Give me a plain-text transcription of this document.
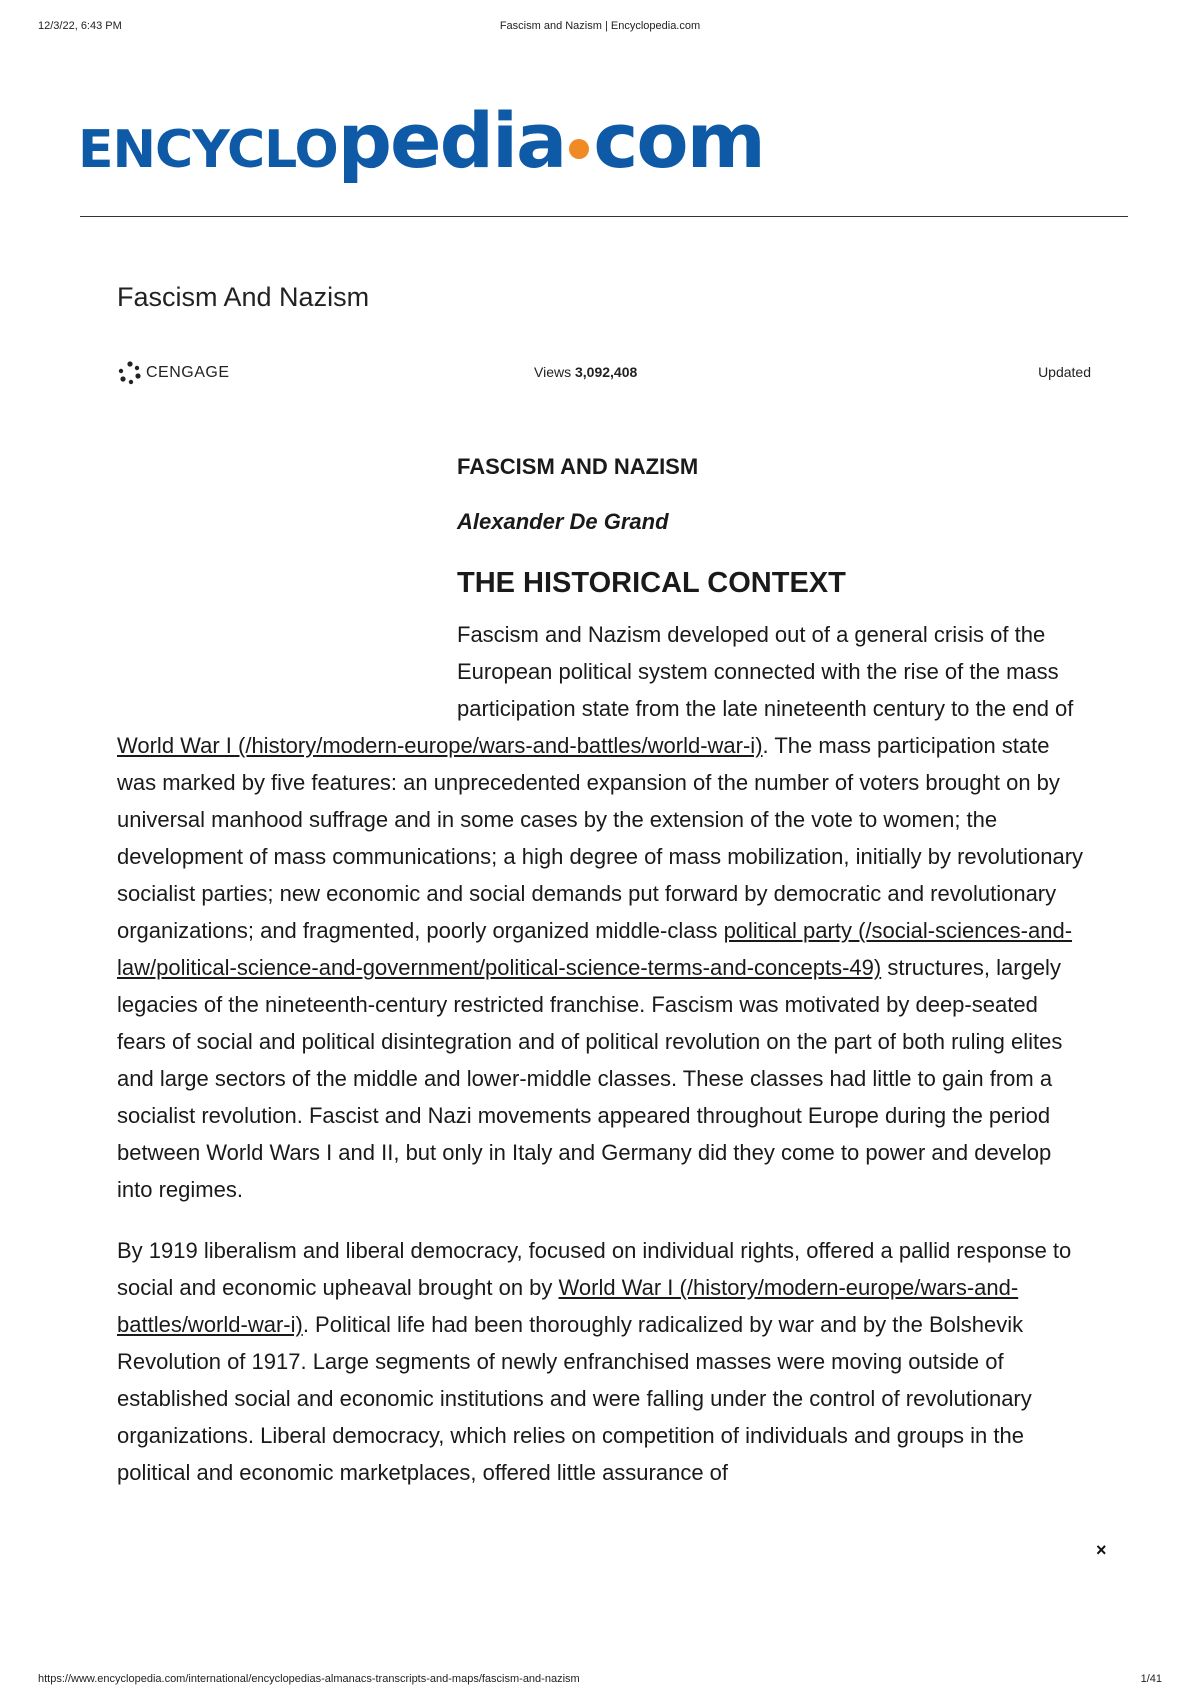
12/3/22, 6:43 PM	Fascism and Nazism | Encyclopedia.com
ENCYCLOpedia com
Fascism And Nazism
CENGAGE	Views 3,092,408	Updated

FASCISM AND NAZISM

Alexander De Grand

THE HISTORICAL CONTEXT

Fascism and Nazism developed out of a general crisis of the European political system connected with the rise of the mass participation state from the late nineteenth century to the end of World War I (/history/modern-europe/wars-and-battles/world-war-i). The mass participation state was marked by five features: an unprecedented expansion of the number of voters brought on by universal manhood suffrage and in some cases by the extension of the vote to women; the development of mass communications; a high degree of mass mobilization, initially by revolutionary socialist parties; new economic and social demands put forward by democratic and revolutionary organizations; and fragmented, poorly organized middle-class political party (/social-sciences-and-law/political-science-and-government/political-science-terms-and-concepts-49) structures, largely legacies of the nineteenth-century restricted franchise. Fascism was motivated by deep-seated fears of social and political disintegration and of political revolution on the part of both ruling elites and large sectors of the middle and lower-middle classes. These classes had little to gain from a socialist revolution. Fascist and Nazi movements appeared throughout Europe during the period between World Wars I and II, but only in Italy and Germany did they come to power and develop into regimes.

By 1919 liberalism and liberal democracy, focused on individual rights, offered a pallid response to social and economic upheaval brought on by World War I (/history/modern-europe/wars-and-battles/world-war-i). Political life had been thoroughly radicalized by war and by the Bolshevik Revolution of 1917. Large segments of newly enfranchised masses were moving outside of established social and economic institutions and were falling under the control of revolutionary organizations. Liberal democracy, which relies on competition of individuals and groups in the political and economic marketplaces, offered little assurance of

×
https://www.encyclopedia.com/international/encyclopedias-almanacs-transcripts-and-maps/fascism-and-nazism	1/41
